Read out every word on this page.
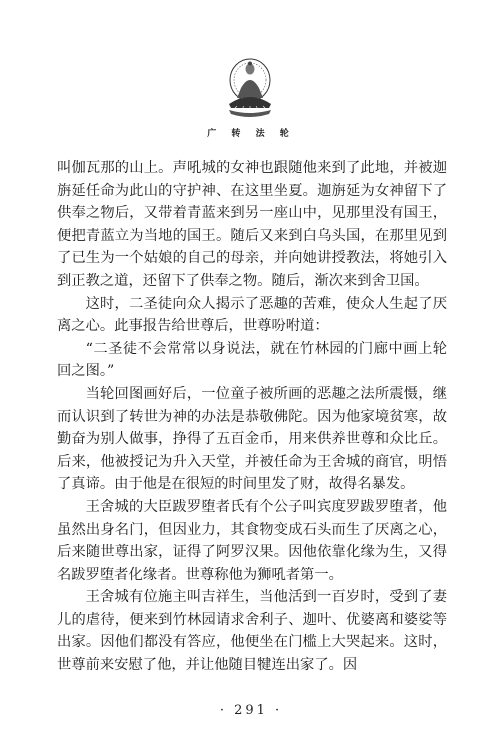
广 转 法 轮

叫伽瓦那的山上。声吼城的女神也跟随他来到了此地，并被迦旃延任命为此山的守护神、在这里坐夏。迦旃延为女神留下了供奉之物后，又带着青蓝来到另一座山中，见那里没有国王，便把青蓝立为当地的国王。随后又来到白乌头国，在那里见到了已生为一个姑娘的自己的母亲，并向她讲授教法，将她引入到正教之道，还留下了供奉之物。随后，渐次来到舍卫国。

这时，二圣徒向众人揭示了恶趣的苦难，使众人生起了厌离之心。此事报告给世尊后，世尊吩咐道：

“二圣徒不会常常以身说法，就在竹林园的门廊中画上轮回之图。”

当轮回图画好后，一位童子被所画的恶趣之法所震慑，继而认识到了转世为神的办法是恭敬佛陀。因为他家境贫寒，故勤奋为别人做事，挣得了五百金币，用来供养世尊和众比丘。后来，他被授记为升入天堂，并被任命为王舍城的商官，明悟了真谛。由于他是在很短的时间里发了财，故得名暴发。

王舍城的大臣跋罗堕者氏有个公子叫宾度罗跋罗堕者，他虽然出身名门，但因业力，其食物变成石头而生了厌离之心，后来随世尊出家，证得了阿罗汉果。因他依靠化缘为生，又得名跋罗堕者化缘者。世尊称他为狮吼者第一。

王舍城有位施主叫吉祥生，当他活到一百岁时，受到了妻儿的虐待，便来到竹林园请求舍利子、迦叶、优婆离和婆娑等出家。因他们都没有答应，他便坐在门槛上大哭起来。这时，世尊前来安慰了他，并让他随目犍连出家了。因

· 291 ·
